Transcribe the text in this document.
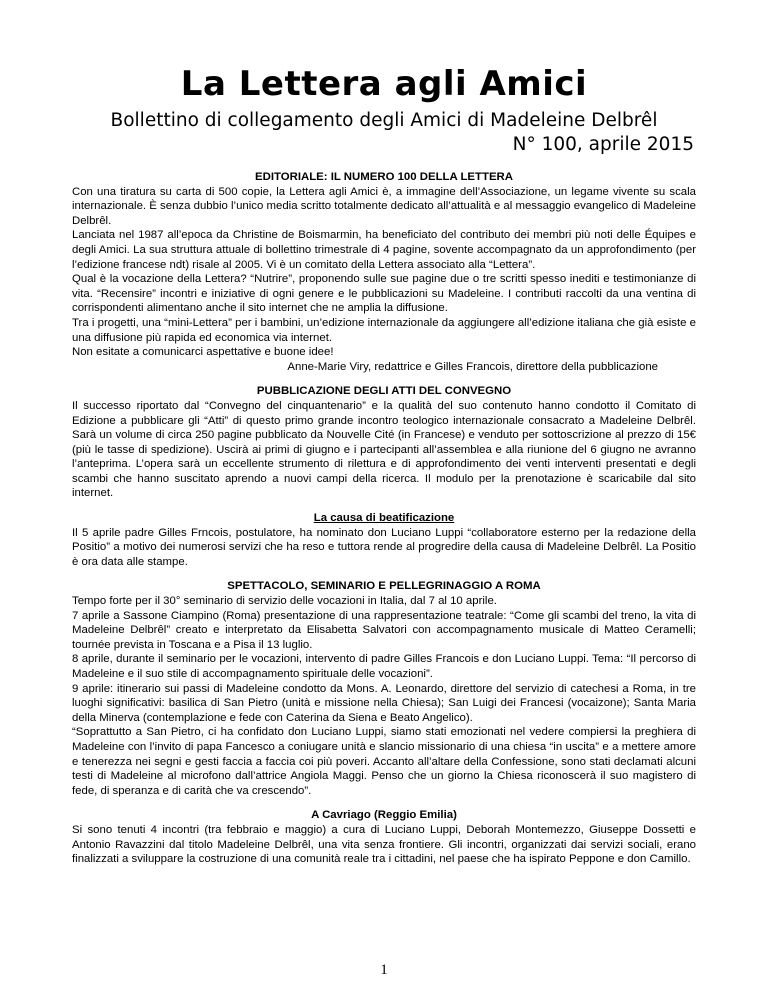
La Lettera agli Amici

Bollettino di collegamento degli Amici di Madeleine Delbrêl

N° 100, aprile 2015

EDITORIALE: IL NUMERO 100 DELLA LETTERA

Con una tiratura su carta di 500 copie, la Lettera agli Amici è, a immagine dell’Associazione, un legame vivente su scala internazionale. È senza dubbio l’unico media scritto totalmente dedicato all’attualità e al messaggio evangelico di Madeleine Delbrêl.

Lanciata nel 1987 all’epoca da Christine de Boismarmin, ha beneficiato del contributo dei membri più noti delle Équipes e degli Amici. La sua struttura attuale di bollettino trimestrale di 4 pagine, sovente accompagnato da un approfondimento (per l’edizione francese ndt) risale al 2005. Vi è un comitato della Lettera associato alla “Lettera”.

Qual è la vocazione della Lettera? “Nutrire”, proponendo sulle sue pagine due o tre scritti spesso inediti e testimonianze di vita. “Recensire” incontri e iniziative di ogni genere e le pubblicazioni su Madeleine. I contributi raccolti da una ventina di corrispondenti alimentano anche il sito internet che ne amplia la diffusione.

Tra i progetti, una “mini-Lettera” per i bambini, un’edizione internazionale da aggiungere all’edizione italiana che già esiste e una diffusione più rapida ed economica via internet.

Non esitate a comunicarci aspettative e buone idee!

Anne-Marie Viry, redattrice e Gilles Francois, direttore della pubblicazione

PUBBLICAZIONE DEGLI ATTI DEL CONVEGNO

Il successo riportato dal “Convegno del cinquantenario” e la qualità del suo contenuto hanno condotto il Comitato di Edizione a pubblicare gli “Atti” di questo primo grande incontro teologico internazionale consacrato a Madeleine Delbrêl. Sarà un volume di circa 250 pagine pubblicato da Nouvelle Cité (in Francese) e venduto per sottoscrizione al prezzo di 15€ (più le tasse di spedizione). Uscirà ai primi di giugno e i partecipanti all’assemblea e alla riunione del 6 giugno ne avranno l’anteprima. L’opera sarà un eccellente strumento di rilettura e di approfondimento dei venti interventi presentati e degli scambi che hanno suscitato aprendo a nuovi campi della ricerca. Il modulo per la prenotazione è scaricabile dal sito internet.

La causa di beatificazione

Il 5 aprile padre Gilles Frncois, postulatore, ha nominato don Luciano Luppi “collaboratore esterno per la redazione della Positio” a motivo dei numerosi servizi che ha reso e tuttora rende al progredire della causa di Madeleine Delbrêl. La Positio è ora data alle stampe.

SPETTACOLO, SEMINARIO E PELLEGRINAGGIO A ROMA

Tempo forte per il 30° seminario di servizio delle vocazioni in Italia, dal 7 al 10 aprile.

7 aprile a Sassone Ciampino (Roma) presentazione di una rappresentazione teatrale: “Come gli scambi del treno, la vita di Madeleine Delbrêl” creato e interpretato da Elisabetta Salvatori con accompagnamento musicale di Matteo Ceramelli; tournée prevista in Toscana e a Pisa il 13 luglio.

8 aprile, durante il seminario per le vocazioni, intervento di padre Gilles Francois e don Luciano Luppi. Tema: “Il percorso di Madeleine e il suo stile di accompagnamento spirituale delle vocazioni”.

9 aprile: itinerario sui passi di Madeleine condotto da Mons. A. Leonardo, direttore del servizio di catechesi a Roma, in tre luoghi significativi: basilica di San Pietro (unità e missione nella Chiesa); San Luigi dei Francesi (vocaizone); Santa Maria della Minerva (contemplazione e fede con Caterina da Siena e Beato Angelico).

“Soprattutto a San Pietro, ci ha confidato don Luciano Luppi, siamo stati emozionati nel vedere compiersi la preghiera di Madeleine con l’invito di papa Fancesco a coniugare unità e slancio missionario di una chiesa “in uscita” e a mettere amore e tenerezza nei segni e gesti faccia a faccia coi più poveri. Accanto all’altare della Confessione, sono stati declamati alcuni testi di Madeleine al microfono dall’attrice Angiola Maggi. Penso che un giorno la Chiesa riconoscerà il suo magistero di fede, di speranza e di carità che va crescendo”.

A Cavriago (Reggio Emilia)

Si sono tenuti 4 incontri (tra febbraio e maggio) a cura di Luciano Luppi, Deborah Montemezzo, Giuseppe Dossetti e Antonio Ravazzini dal titolo Madeleine Delbrêl, una vita senza frontiere. Gli incontri, organizzati dai servizi sociali, erano finalizzati a sviluppare la costruzione di una comunità reale tra i cittadini, nel paese che ha ispirato Peppone e don Camillo.

1
